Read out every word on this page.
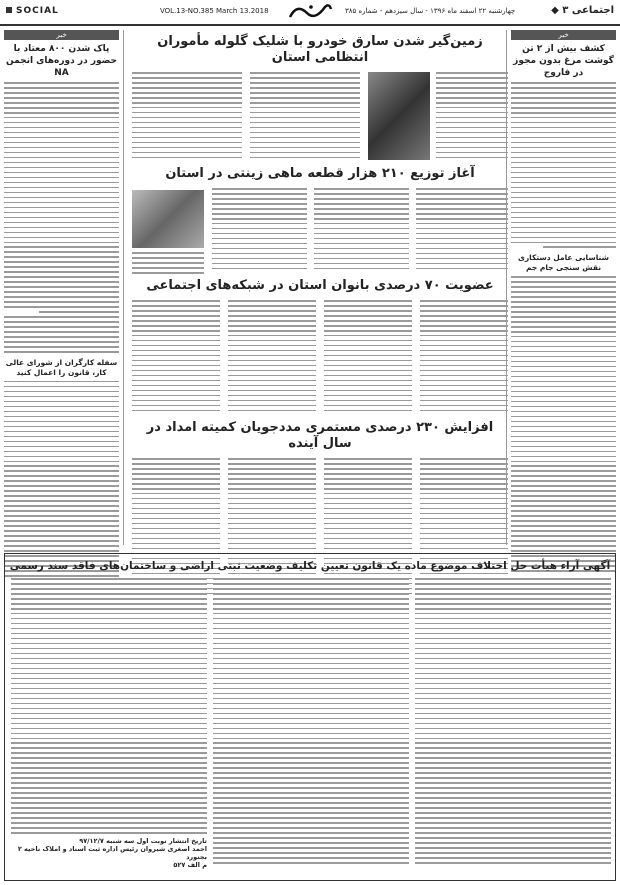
SOCIAL	VOL.13-NO.385 March 13.2018	چهارشنبه ۲۲ اسفند ماه ۱۳۹۶ - سال سیزدهم - شماره ۳۸۵	اجتماعی ۳ ◆
خبر
پاک شدن ۸۰۰ معتاد با حضور در دوره‌های انجمن NA
سفله کارگران از شورای عالی کار، قانون را اعمال کنید
خبر
کشف بیش از ۲ تن گوشت مرغ بدون مجوز در فاروج
شناسایی عامل دستکاری نقش سنجی جام جم
زمین‌گیر شدن سارق خودرو با شلیک گلوله مأموران انتظامی استان
آغاز توزیع ۲۱۰ هزار قطعه ماهی زینتی در استان
عضویت ۷۰ درصدی بانوان استان در شبکه‌های اجتماعی
افزایش ۲۳۰ درصدی مستمری مددجویان کمیته امداد در سال آینده
آگهی آراء هیأت حل اختلاف موضوع ماده یک قانون تعیین تکلیف وضعیت ثبتی اراضی و ساختمان‌های فاقد سند رسمی
تاریخ انتشار نوبت اول سه شنبه ۹۷/۱۲/۷
احمد اصغری شیروان رئیس اداره ثبت اسناد و املاک ناحیه ۲ بجنورد
م الف ۵۲۷
